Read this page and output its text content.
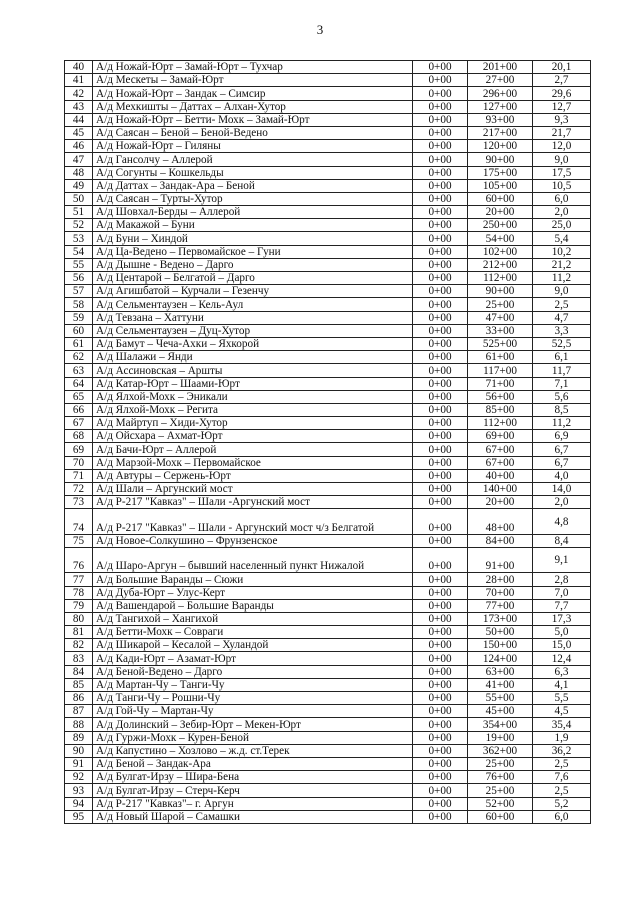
3
40	А/д Ножай-Юрт – Замай-Юрт – Тухчар	0+00	201+00	20,1
41	А/д Мескеты – Замай-Юрт	0+00	27+00	2,7
42	А/д Ножай-Юрт – Зандак – Симсир	0+00	296+00	29,6
43	А/д Мехкишты – Даттах – Алхан-Хутор	0+00	127+00	12,7
44	А/д Ножай-Юрт – Бетти- Мохк – Замай-Юрт	0+00	93+00	9,3
45	А/д Саясан – Беной – Беной-Ведено	0+00	217+00	21,7
46	А/д Ножай-Юрт – Гиляны	0+00	120+00	12,0
47	А/д Гансолчу – Аллерой	0+00	90+00	9,0
48	А/д Согунты – Кошкельды	0+00	175+00	17,5
49	А/д Даттах – Зандак-Ара – Беной	0+00	105+00	10,5
50	А/д Саясан – Турты-Хутор	0+00	60+00	6,0
51	А/д Шовхал-Берды – Аллерой	0+00	20+00	2,0
52	А/д Макажой – Буни	0+00	250+00	25,0
53	А/д Буни – Хиндой	0+00	54+00	5,4
54	А/д Ца-Ведено – Первомайское – Гуни	0+00	102+00	10,2
55	А/д Дышне - Ведено – Дарго	0+00	212+00	21,2
56	А/д Центарой – Белгатой – Дарго	0+00	112+00	11,2
57	А/д Агишбатой – Курчали – Гезенчу	0+00	90+00	9,0
58	А/д Сельментаузен – Кель-Аул	0+00	25+00	2,5
59	А/д Тевзана – Хаттуни	0+00	47+00	4,7
60	А/д Сельментаузен – Дуц-Хутор	0+00	33+00	3,3
61	А/д Бамут – Чеча-Ахки – Яхкорой	0+00	525+00	52,5
62	А/д Шалажи – Янди	0+00	61+00	6,1
63	А/д Ассиновская – Аршты	0+00	117+00	11,7
64	А/д Катар-Юрт – Шаами-Юрт	0+00	71+00	7,1
65	А/д Ялхой-Мохк – Эникали	0+00	56+00	5,6
66	А/д Ялхой-Мохк – Регита	0+00	85+00	8,5
67	А/д Майртуп – Хиди-Хутор	0+00	112+00	11,2
68	А/д Ойсхара – Ахмат-Юрт	0+00	69+00	6,9
69	А/д Бачи-Юрт – Аллерой	0+00	67+00	6,7
70	А/д Марзой-Мохк – Первомайское	0+00	67+00	6,7
71	А/д Автуры – Сержень-Юрт	0+00	40+00	4,0
72	А/д Шали – Аргунский мост	0+00	140+00	14,0
73	А/д Р-217 "Кавказ" – Шали -Аргунский мост	0+00	20+00	2,0
74	А/д Р-217 "Кавказ" – Шали - Аргунский мост ч/з Белгатой	0+00	48+00	4,8
75	А/д Новое-Солкушино – Фрунзенское	0+00	84+00	8,4
76	А/д Шаро-Аргун – бывший населенный пункт Нижалой	0+00	91+00	9,1
77	А/д Большие Варанды – Сюжи	0+00	28+00	2,8
78	А/д Дуба-Юрт – Улус-Керт	0+00	70+00	7,0
79	А/д Вашендарой – Большие Варанды	0+00	77+00	7,7
80	А/д Тангихой – Хангихой	0+00	173+00	17,3
81	А/д Бетти-Мохк – Совраги	0+00	50+00	5,0
82	А/д Шикарой – Кесалой – Хуландой	0+00	150+00	15,0
83	А/д Кади-Юрт – Азамат-Юрт	0+00	124+00	12,4
84	А/д Беной-Ведено – Дарго	0+00	63+00	6,3
85	А/д Мартан-Чу – Танги-Чу	0+00	41+00	4,1
86	А/д Танги-Чу – Рошни-Чу	0+00	55+00	5,5
87	А/д Гой-Чу – Мартан-Чу	0+00	45+00	4,5
88	А/д Долинский – Зебир-Юрт – Мекен-Юрт	0+00	354+00	35,4
89	А/д Гуржи-Мохк – Курен-Беной	0+00	19+00	1,9
90	А/д Капустино – Хозлово – ж.д. ст.Терек	0+00	362+00	36,2
91	А/д Беной – Зандак-Ара	0+00	25+00	2,5
92	А/д Булгат-Ирзу – Шира-Бена	0+00	76+00	7,6
93	А/д Булгат-Ирзу – Стерч-Керч	0+00	25+00	2,5
94	А/д Р-217 "Кавказ"– г. Аргун	0+00	52+00	5,2
95	А/д Новый Шарой – Самашки	0+00	60+00	6,0
